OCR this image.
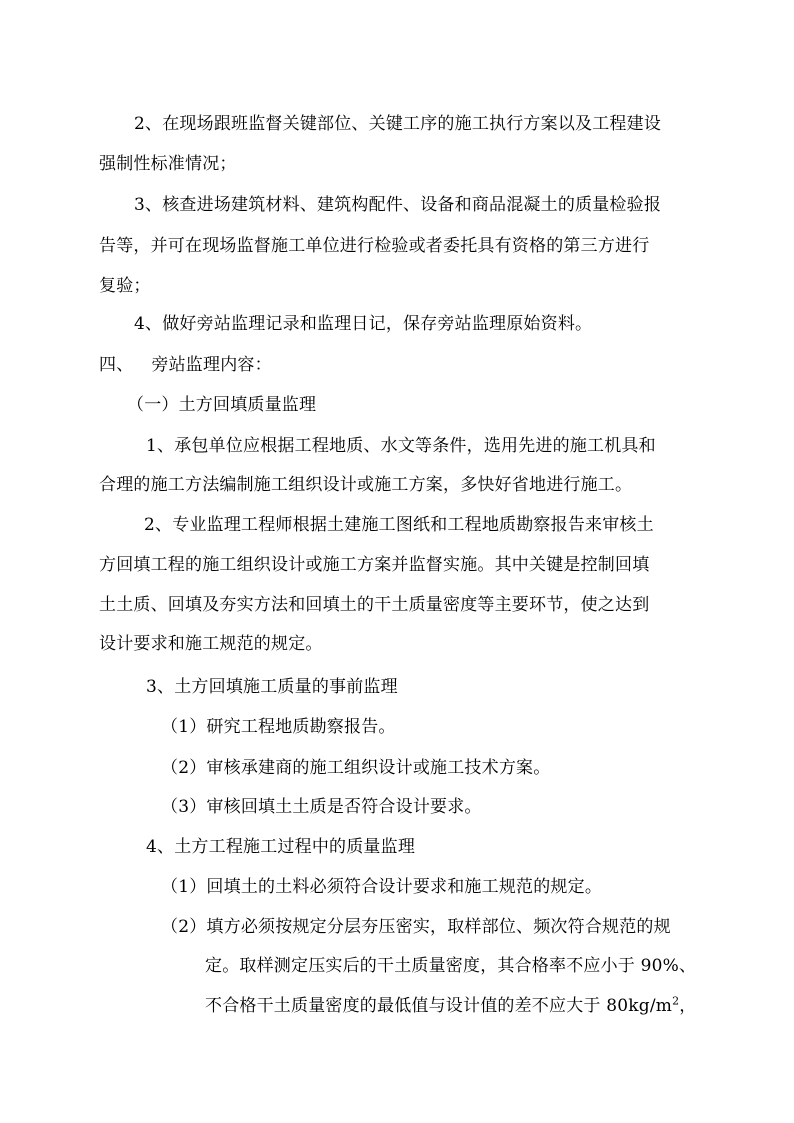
2、在现场跟班监督关键部位、关键工序的施工执行方案以及工程建设
强制性标准情况；
3、核查进场建筑材料、建筑构配件、设备和商品混凝土的质量检验报
告等，并可在现场监督施工单位进行检验或者委托具有资格的第三方进行
复验；
4、做好旁站监理记录和监理日记，保存旁站监理原始资料。
四、 旁站监理内容：
（一）土方回填质量监理
1、承包单位应根据工程地质、水文等条件，选用先进的施工机具和
合理的施工方法编制施工组织设计或施工方案，多快好省地进行施工。
2、专业监理工程师根据土建施工图纸和工程地质勘察报告来审核土
方回填工程的施工组织设计或施工方案并监督实施。其中关键是控制回填
土土质、回填及夯实方法和回填土的干土质量密度等主要环节，使之达到
设计要求和施工规范的规定。
3、土方回填施工质量的事前监理
（1）研究工程地质勘察报告。
（2）审核承建商的施工组织设计或施工技术方案。
（3）审核回填土土质是否符合设计要求。
4、土方工程施工过程中的质量监理
（1）回填土的土料必须符合设计要求和施工规范的规定。
（2）填方必须按规定分层夯压密实，取样部位、频次符合规范的规
定。取样测定压实后的干土质量密度，其合格率不应小于 90%、
不合格干土质量密度的最低值与设计值的差不应大于 $80kg/m^2$，
